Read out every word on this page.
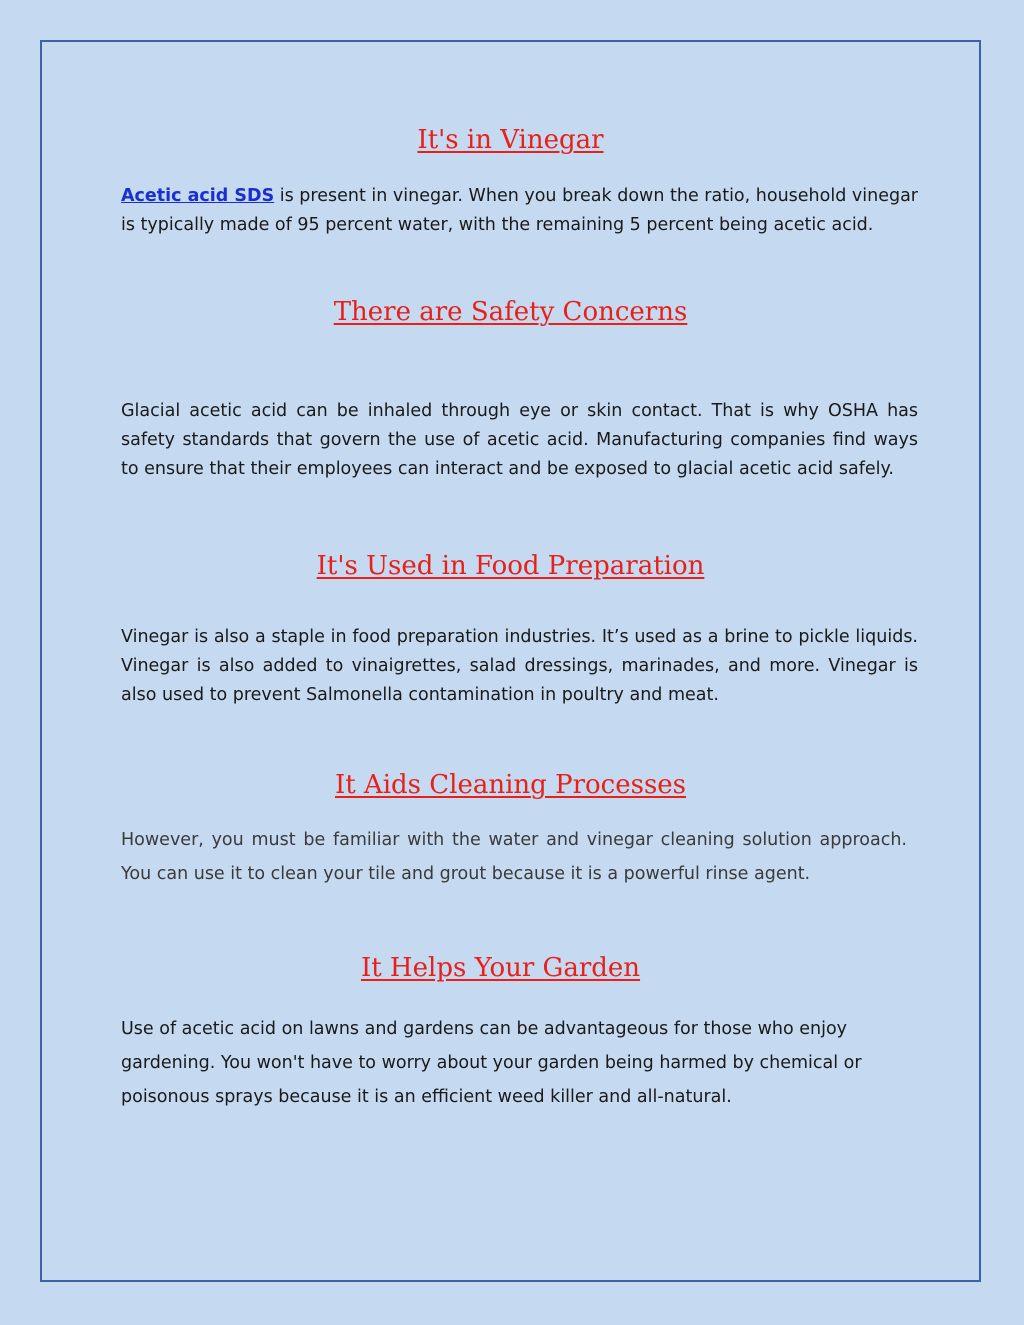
It's in Vinegar

Acetic acid SDS is present in vinegar. When you break down the ratio, household vinegar is typically made of 95 percent water, with the remaining 5 percent being acetic acid.

There are Safety Concerns

Glacial acetic acid can be inhaled through eye or skin contact. That is why OSHA has safety standards that govern the use of acetic acid. Manufacturing companies find ways to ensure that their employees can interact and be exposed to glacial acetic acid safely.

It's Used in Food Preparation

Vinegar is also a staple in food preparation industries. It’s used as a brine to pickle liquids. Vinegar is also added to vinaigrettes, salad dressings, marinades, and more. Vinegar is also used to prevent Salmonella contamination in poultry and meat.

It Aids Cleaning Processes

However, you must be familiar with the water and vinegar cleaning solution approach. You can use it to clean your tile and grout because it is a powerful rinse agent.

It Helps Your Garden

Use of acetic acid on lawns and gardens can be advantageous for those who enjoy gardening. You won't have to worry about your garden being harmed by chemical or poisonous sprays because it is an efficient weed killer and all-natural.
